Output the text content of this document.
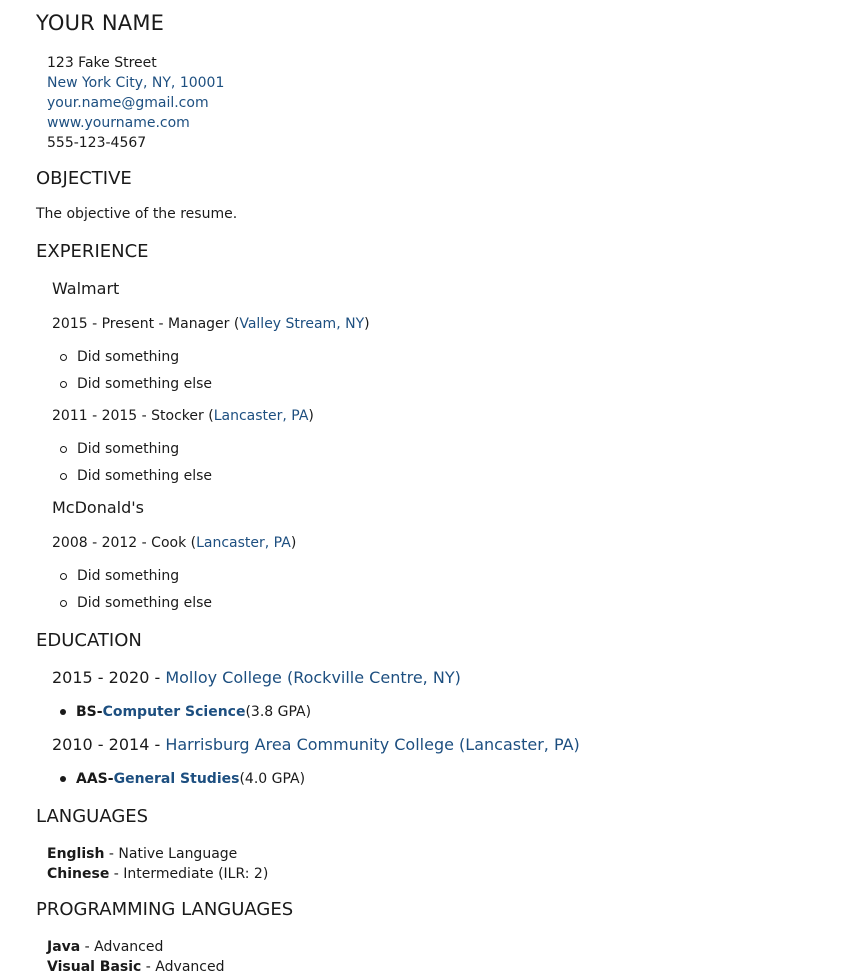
YOUR NAME
123 Fake Street
New York City, NY, 10001
your.name@gmail.com
www.yourname.com
555-123-4567
OBJECTIVE
The objective of the resume.
EXPERIENCE
Walmart
2015 - Present - Manager (Valley Stream, NY)
Did something
Did something else
2011 - 2015 - Stocker (Lancaster, PA)
Did something
Did something else
McDonald's
2008 - 2012 - Cook (Lancaster, PA)
Did something
Did something else
EDUCATION
2015 - 2020 - Molloy College (Rockville Centre, NY)
BS - Computer Science (3.8 GPA)
2010 - 2014 - Harrisburg Area Community College (Lancaster, PA)
AAS - General Studies (4.0 GPA)
LANGUAGES
English - Native Language
Chinese - Intermediate (ILR: 2)
PROGRAMMING LANGUAGES
Java - Advanced
Visual Basic - Advanced
